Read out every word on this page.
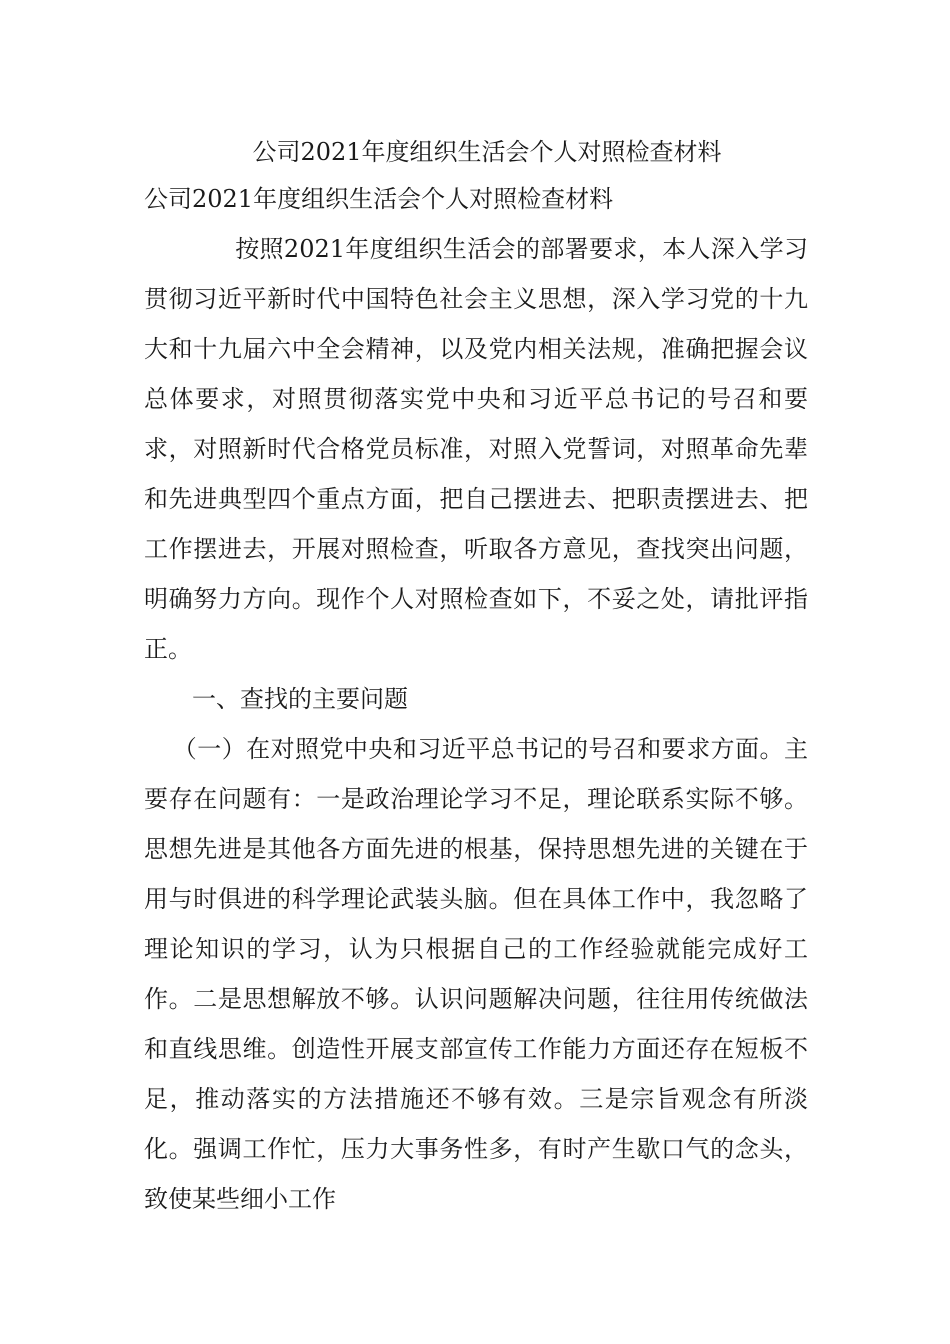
公司2021年度组织生活会个人对照检查材料
公司2021年度组织生活会个人对照检查材料

按照2021年度组织生活会的部署要求，本人深入学习贯彻习近平新时代中国特色社会主义思想，深入学习党的十九大和十九届六中全会精神，以及党内相关法规，准确把握会议总体要求，对照贯彻落实党中央和习近平总书记的号召和要求，对照新时代合格党员标准，对照入党誓词，对照革命先辈和先进典型四个重点方面，把自己摆进去、把职责摆进去、把工作摆进去，开展对照检查，听取各方意见，查找突出问题，明确努力方向。现作个人对照检查如下，不妥之处，请批评指正。

一、查找的主要问题

（一）在对照党中央和习近平总书记的号召和要求方面。主要存在问题有：一是政治理论学习不足，理论联系实际不够。思想先进是其他各方面先进的根基，保持思想先进的关键在于用与时俱进的科学理论武装头脑。但在具体工作中，我忽略了理论知识的学习，认为只根据自己的工作经验就能完成好工作。二是思想解放不够。认识问题解决问题，往往用传统做法和直线思维。创造性开展支部宣传工作能力方面还存在短板不足，推动落实的方法措施还不够有效。三是宗旨观念有所淡化。强调工作忙，压力大事务性多，有时产生歇口气的念头，致使某些细小工作
